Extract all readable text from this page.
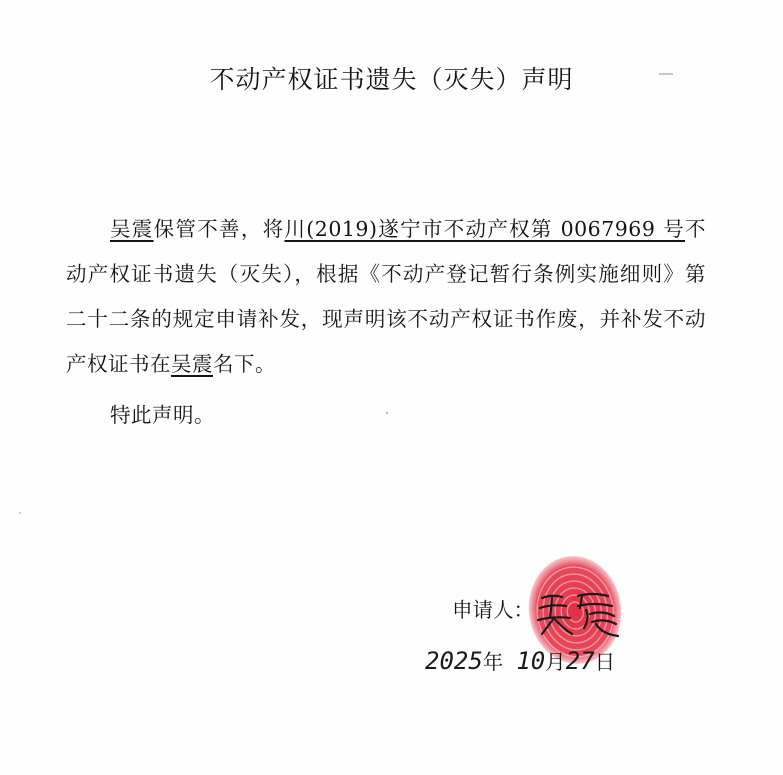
不动产权证书遗失（灭失）声明
吴震保管不善，将川(2019)遂宁市不动产权第 0067969 号不动产权证书遗失（灭失），根据《不动产登记暂行条例实施细则》第二十二条的规定申请补发，现声明该不动产权证书作废，并补发不动产权证书在吴震名下。
特此声明。
申请人：
2025年 10月27日
